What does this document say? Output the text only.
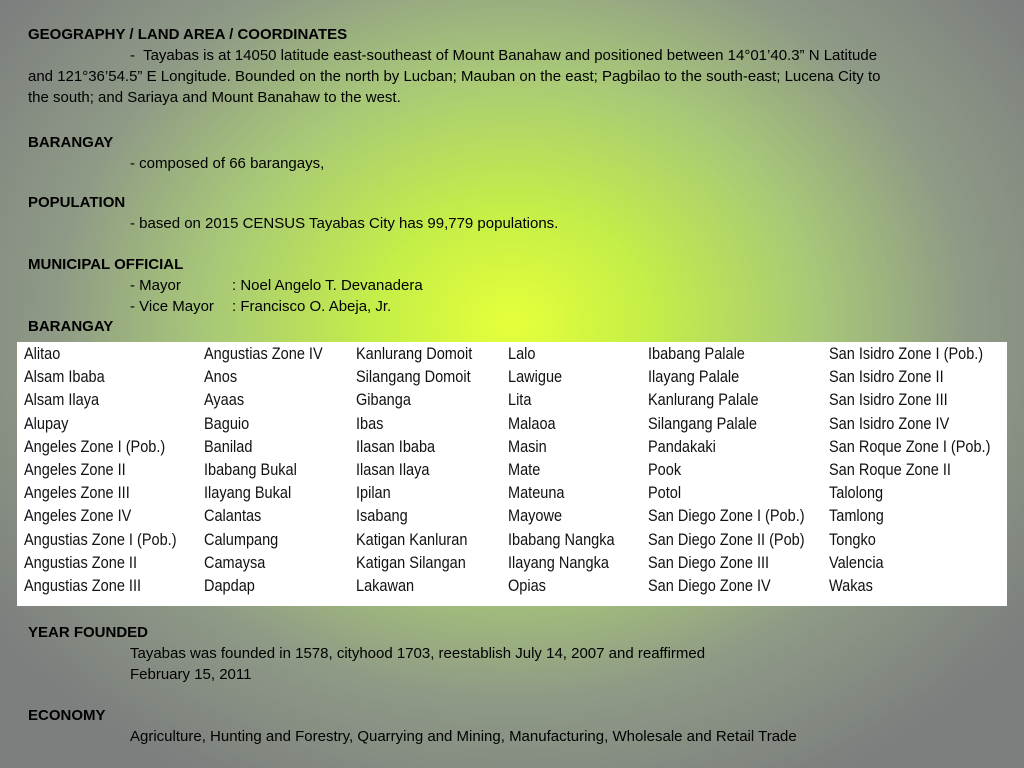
GEOGRAPHY / LAND AREA / COORDINATES
- Tayabas is at 14050 latitude east-southeast of Mount Banahaw and positioned between 14°01’40.3” N Latitude
and 121°36’54.5” E Longitude. Bounded on the north by Lucban; Mauban on the east; Pagbilao to the south-east; Lucena City to
the south; and Sariaya and Mount Banahaw to the west.
BARANGAY
- composed of 66 barangays,
POPULATION
- based on 2015 CENSUS Tayabas City has 99,779 populations.
MUNICIPAL OFFICIAL
- Mayor	: Noel Angelo T. Devanadera
- Vice Mayor	: Francisco O. Abeja, Jr.
BARANGAY
Alitao
Alsam Ibaba
Alsam Ilaya
Alupay
Angeles Zone I (Pob.)
Angeles Zone II
Angeles Zone III
Angeles Zone IV
Angustias Zone I (Pob.)
Angustias Zone II
Angustias Zone III
Angustias Zone IV
Anos
Ayaas
Baguio
Banilad
Ibabang Bukal
Ilayang Bukal
Calantas
Calumpang
Camaysa
Dapdap
Kanlurang Domoit
Silangang Domoit
Gibanga
Ibas
Ilasan Ibaba
Ilasan Ilaya
Ipilan
Isabang
Katigan Kanluran
Katigan Silangan
Lakawan
Lalo
Lawigue
Lita
Malaoa
Masin
Mate
Mateuna
Mayowe
Ibabang Nangka
Ilayang Nangka
Opias
Ibabang Palale
Ilayang Palale
Kanlurang Palale
Silangang Palale
Pandakaki
Pook
Potol
San Diego Zone I (Pob.)
San Diego Zone II (Pob)
San Diego Zone III
San Diego Zone IV
San Isidro Zone I (Pob.)
San Isidro Zone II
San Isidro Zone III
San Isidro Zone IV
San Roque Zone I (Pob.)
San Roque Zone II
Talolong
Tamlong
Tongko
Valencia
Wakas
YEAR FOUNDED
Tayabas was founded in 1578, cityhood 1703, reestablish July 14, 2007 and reaffirmed
February 15, 2011
ECONOMY
Agriculture, Hunting and Forestry, Quarrying and Mining, Manufacturing, Wholesale and Retail Trade
